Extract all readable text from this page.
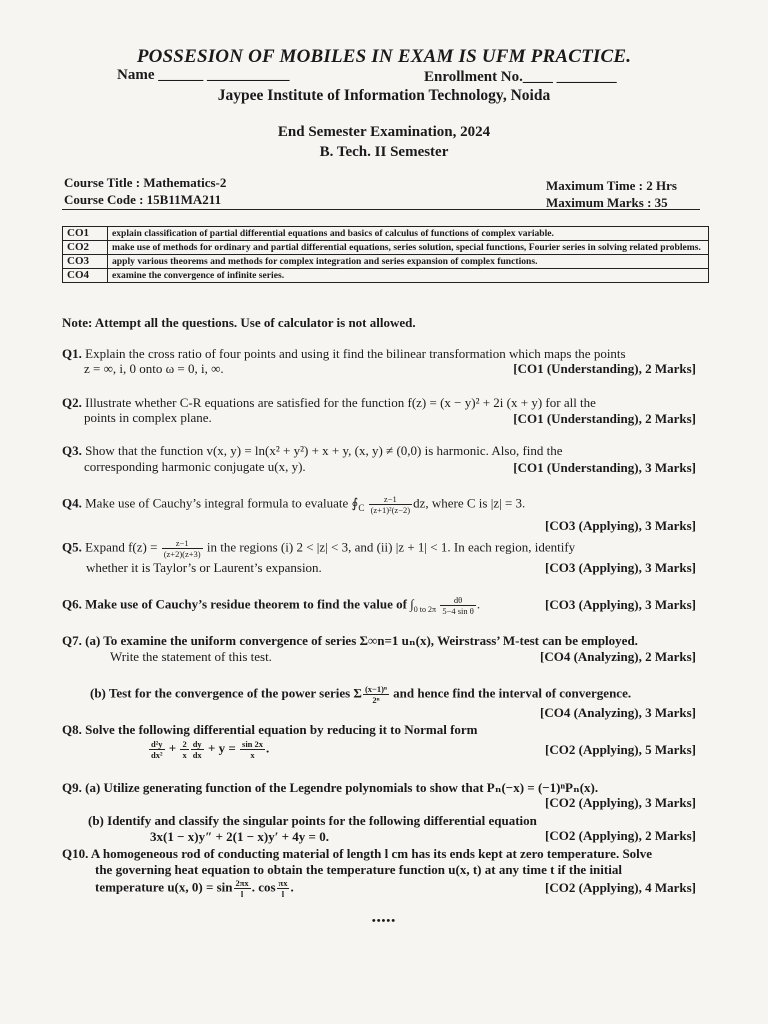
POSSESION OF MOBILES IN EXAM IS UFM PRACTICE.
Name ______ ___________	Enrollment No.____ ________
Jaypee Institute of Information Technology, Noida
End Semester Examination, 2024
B. Tech. II Semester
Course Title : Mathematics-2
Course Code : 15B11MA211
Maximum Time : 2 Hrs
Maximum Marks : 35
CO1	explain classification of partial differential equations and basics of calculus of functions of complex variable.
CO2	make use of methods for ordinary and partial differential equations, series solution, special functions, Fourier series in solving related problems.
CO3	apply various theorems and methods for complex integration and series expansion of complex functions.
CO4	examine the convergence of infinite series.
Note: Attempt all the questions. Use of calculator is not allowed.
Q1. Explain the cross ratio of four points and using it find the bilinear transformation which maps the points
z = ∞, i, 0 onto ω = 0, i, ∞.	[CO1 (Understanding), 2 Marks]
Q2. Illustrate whether C-R equations are satisfied for the function f(z) = (x − y)² + 2i (x + y) for all the
points in complex plane.	[CO1 (Understanding), 2 Marks]
Q3. Show that the function v(x, y) = ln(x² + y²) + x + y, (x, y) ≠ (0,0) is harmonic. Also, find the
corresponding harmonic conjugate u(x, y).	[CO1 (Understanding), 3 Marks]
Q4. Make use of Cauchy’s integral formula to evaluate $∮_C \frac{z-1}{\text{(z+1)²(z−2)}}$ dz, where C is |z| = 3.
[CO3 (Applying), 3 Marks]
Q5. Expand $f(z) = \frac{z-1}{(z+2)(z+3)}$ in the regions (i) 2 < |z| < 3, and (ii) |z + 1| < 1. In each region, identify
whether it is Taylor’s or Laurent’s expansion.	[CO3 (Applying), 3 Marks]
Q6. Make use of Cauchy’s residue theorem to find the value of $\int_{0 to 2\pi} \frac{d\theta}{\text{5−4 sin θ}}$ .	[CO3 (Applying), 3 Marks]
Q7. (a) To examine the uniform convergence of series Σ∞n=1 uₙ(x), Weirstrass’ M-test can be employed.
Write the statement of this test.	[CO4 (Analyzing), 2 Marks]
(b) Test for the convergence of the power series Σ $\frac{\text{(x−1)ⁿ}}{\text{2ⁿ}}$ and hence find the interval of convergence.
[CO4 (Analyzing), 3 Marks]
Q8. Solve the following differential equation by reducing it to Normal form
$\frac{\text{d²y}}{\text{dx²}} + \frac{2}{x} \frac{dy}{dx} + y = \frac{\sin 2x}{x}$ .	[CO2 (Applying), 5 Marks]
Q9. (a) Utilize generating function of the Legendre polynomials to show that Pₙ(−x) = (−1)ⁿPₙ(x).
[CO2 (Applying), 3 Marks]
(b) Identify and classify the singular points for the following differential equation
3x(1 − x)y″ + 2(1 − x)y′ + 4y = 0.	[CO2 (Applying), 2 Marks]
Q10. A homogeneous rod of conducting material of length l cm has its ends kept at zero temperature. Solve
the governing heat equation to obtain the temperature function u(x, t) at any time t if the initial
temperature u(x, $0) = \sin \frac{2\pi x}{l}$ . $\cos \frac{\pi x}{l}$ .	[CO2 (Applying), 4 Marks]
•••••
